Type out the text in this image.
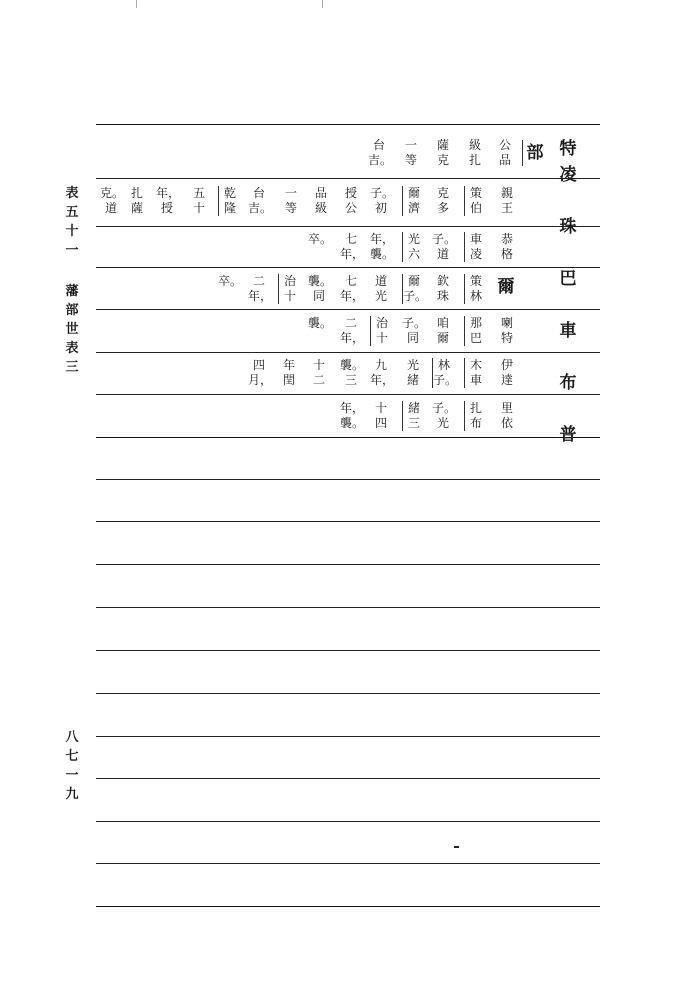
表五十一
藩部世表三
八七一九
特
凌

珠

巴

車

布

普
部
公品
級扎
薩克
一等
台吉。
親王
策伯
克多
爾濟
子。初
授公
品級
一等
台吉。
乾隆
五十
年，授
扎薩
克。道
恭格
車凌
子。道
光六
年，襲。
七年，
卒。
爾
策林
欽珠
爾子。
道光
七年，
襲。同
治十
二年，
卒。
喇特
那巴
咱爾
子。同
治十
二年，
襲。
伊達
木車
林子。
光緒
九年，
襲。三
十二
年閏
四月，
里依
扎布
子。光
緒三
十四
年，襲。
